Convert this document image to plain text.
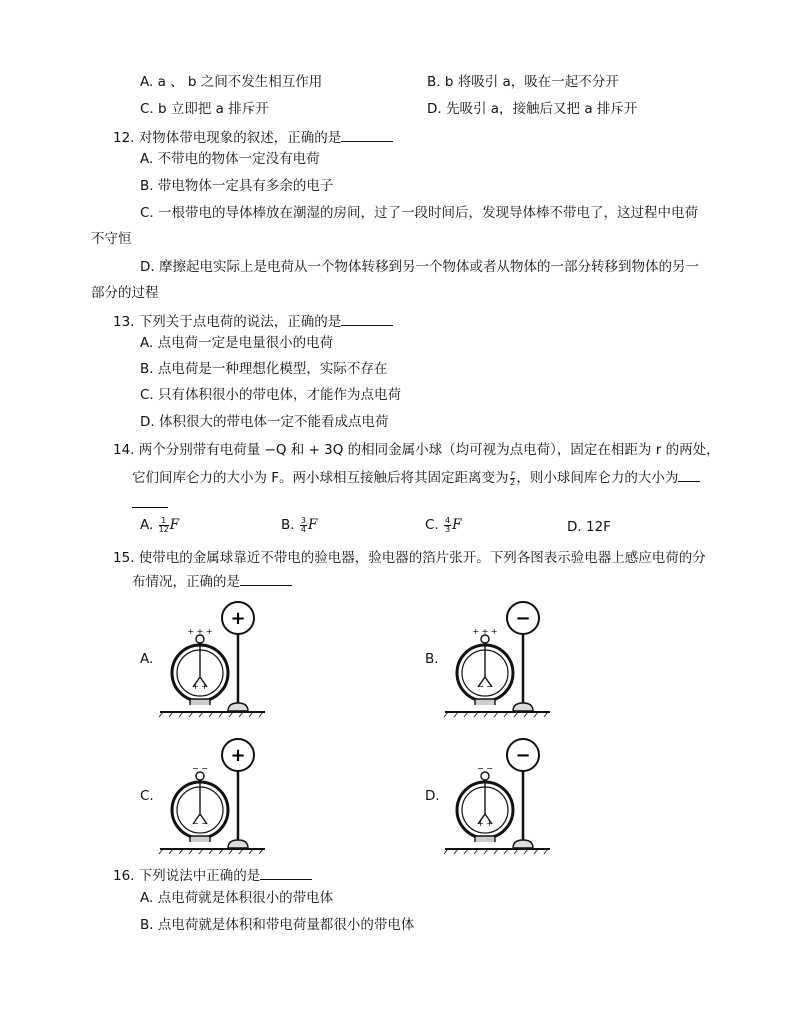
A. a 、 b 之间不发生相互作用	B. b 将吸引 a，吸在一起不分开
C. b 立即把 a 排斥开	D. 先吸引 a，接触后又把 a 排斥开
12. 对物体带电现象的叙述，正确的是
A. 不带电的物体一定没有电荷
B. 带电物体一定具有多余的电子
C. 一根带电的导体棒放在潮湿的房间，过了一段时间后，发现导体棒不带电了，这过程中电荷
不守恒
D. 摩擦起电实际上是电荷从一个物体转移到另一个物体或者从物体的一部分转移到物体的另一
部分的过程
13. 下列关于点电荷的说法，正确的是
A. 点电荷一定是电量很小的电荷
B. 点电荷是一种理想化模型，实际不存在
C. 只有体积很小的带电体，才能作为点电荷
D. 体积很大的带电体一定不能看成点电荷
14. 两个分别带有电荷量 −Q 和 + 3Q 的相同金属小球（均可视为点电荷），固定在相距为 r 的两处，
它们间库仑力的大小为 F。两小球相互接触后将其固定距离变为 $\frac{r}{2}$ ，则小球间库仑力的大小为
A. $\frac{1}{12}$ F	B. $\frac{3}{4}$ F	C. $\frac{4}{3}$ F	D. 12F
15. 使带电的金属球靠近不带电的验电器，验电器的箔片张开。下列各图表示验电器上感应电荷的分
布情况，正确的是
A.
+
+ + +
+ +
B.
−
+ + +
− −
C.
+
− −
− −
D.
−
− −
+ +
16. 下列说法中正确的是
A. 点电荷就是体积很小的带电体
B. 点电荷就是体积和带电荷量都很小的带电体
